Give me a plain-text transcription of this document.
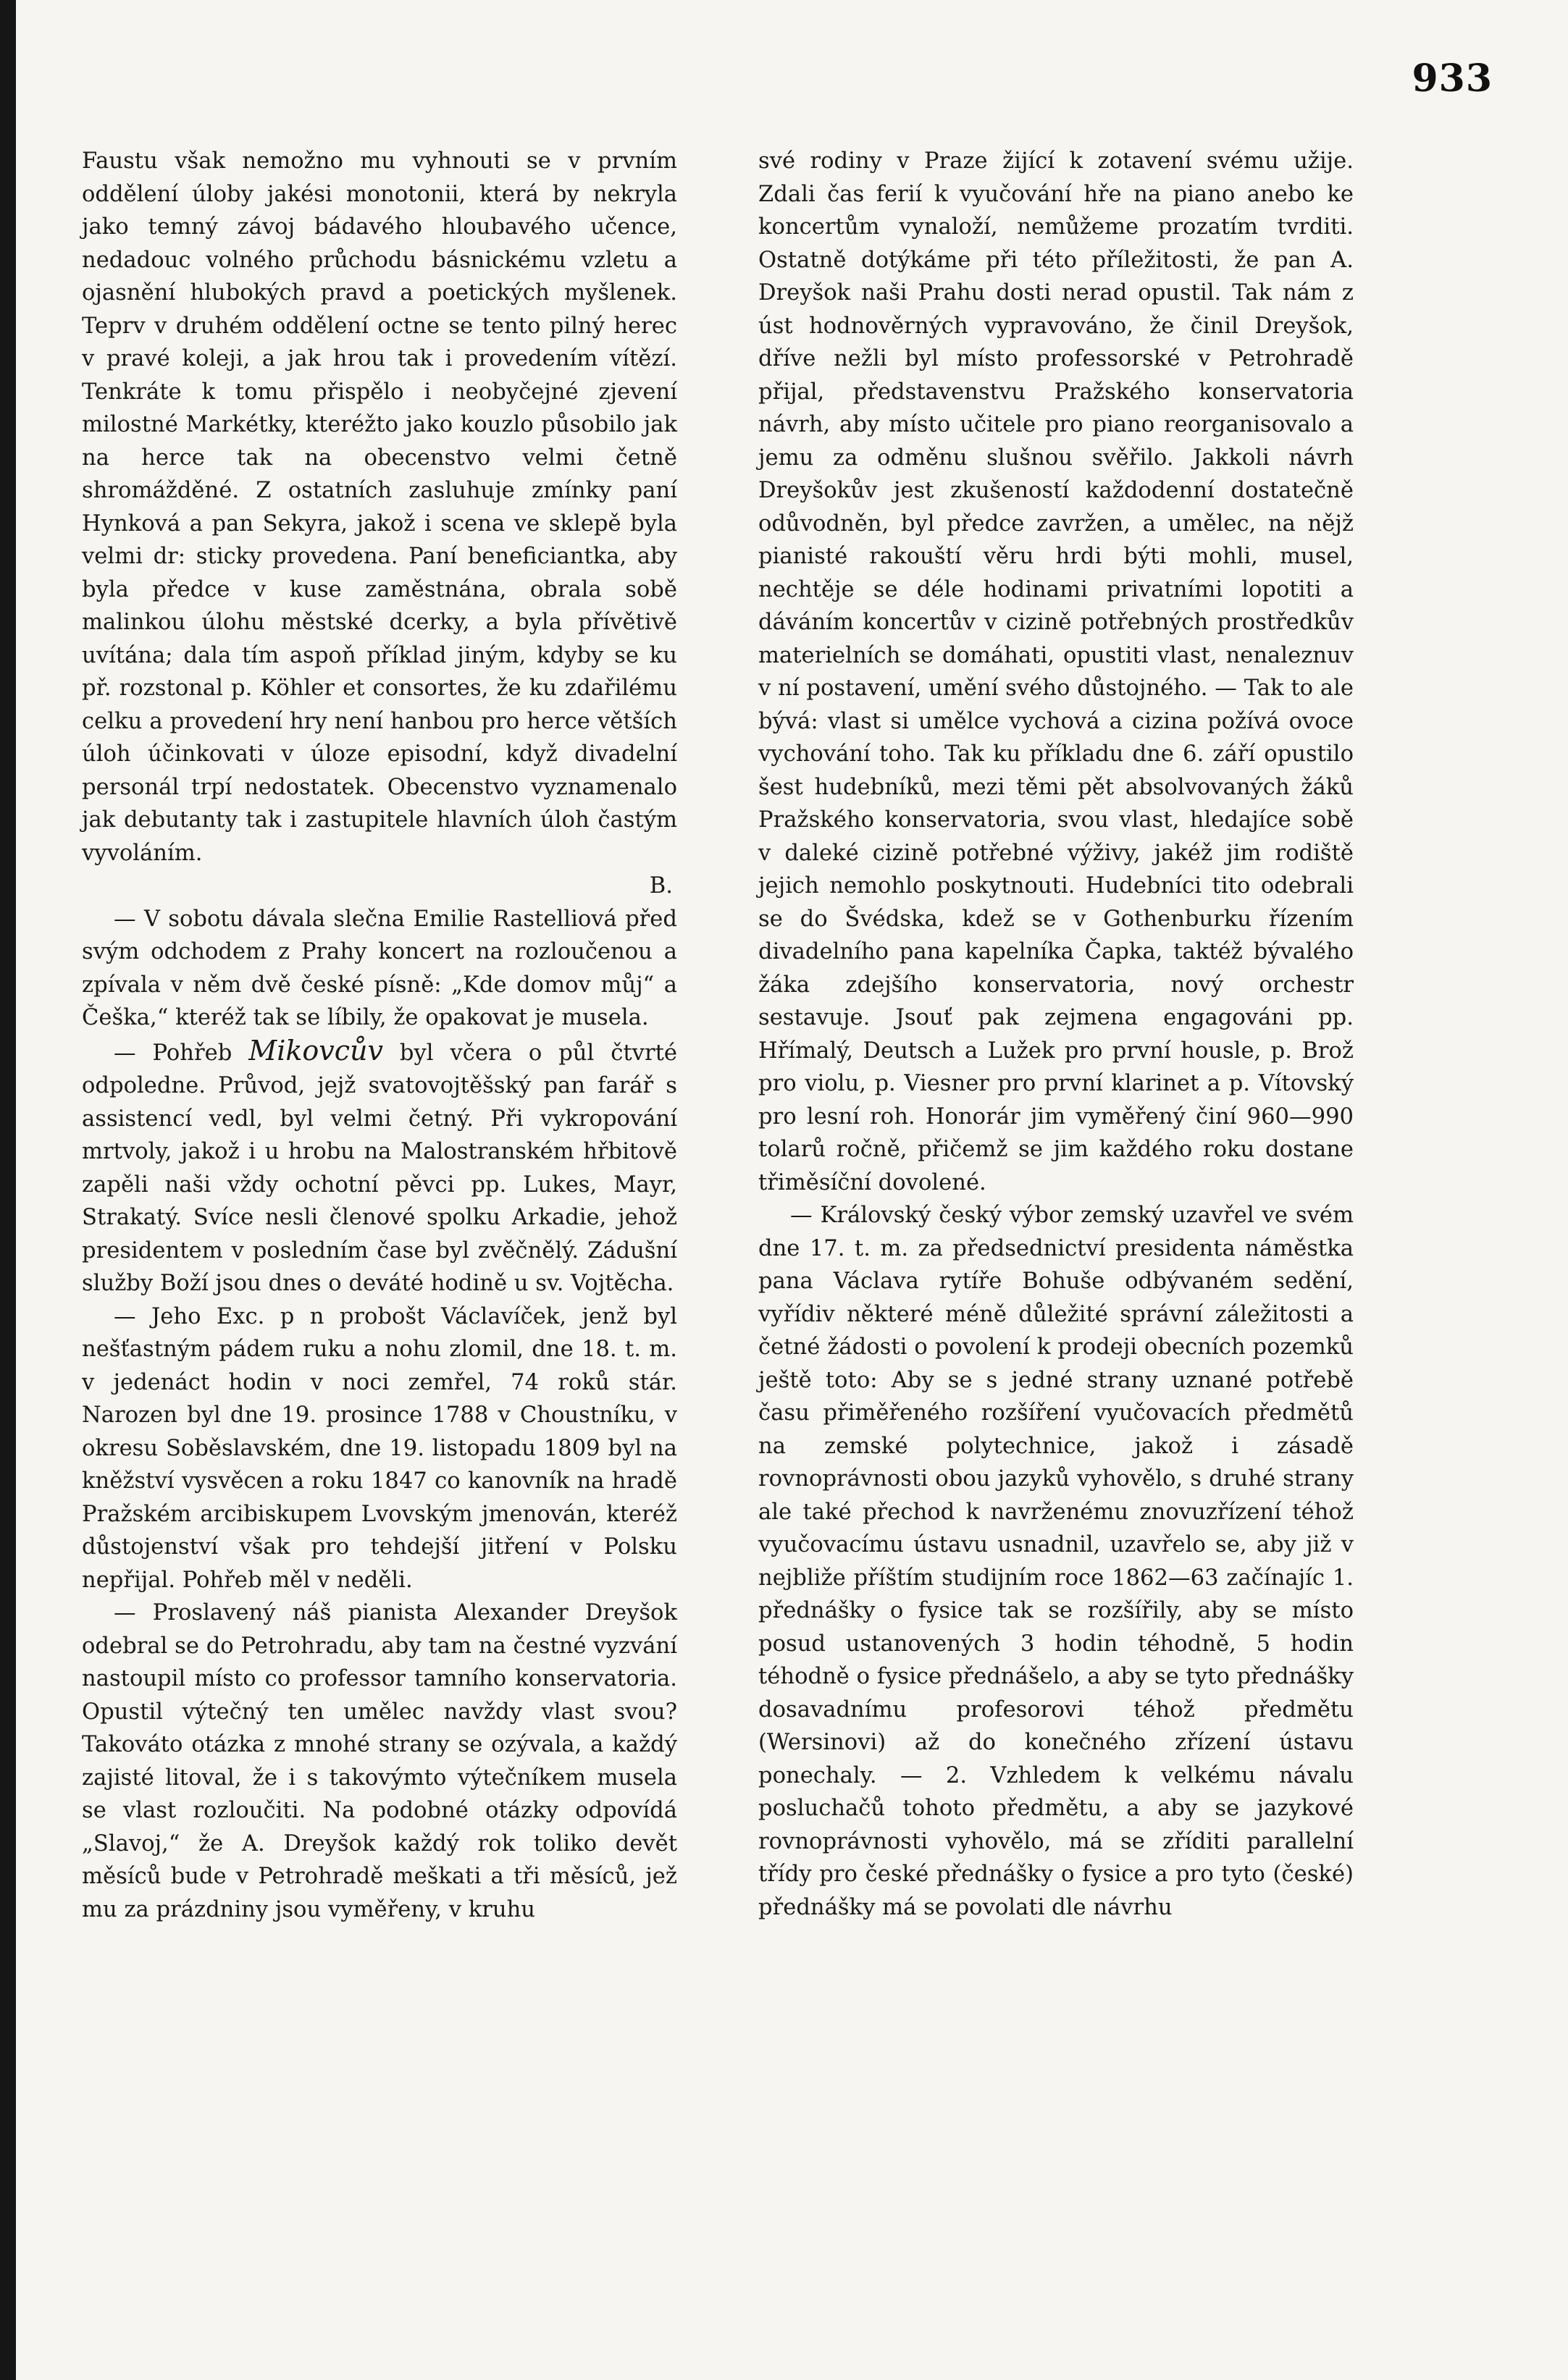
933

Faustu však nemožno mu vyhnouti se v prvním oddělení úloby jakési monotonii, která by nekryla jako temný závoj bádavého hloubavého učence, nedadouc volného průchodu básnickému vzletu a ojasnění hlubokých pravd a poetických myšlenek. Teprv v druhém oddělení octne se tento pilný herec v pravé koleji, a jak hrou tak i provedením vítězí. Tenkráte k tomu přispělo i neobyčejné zjevení milostné Markétky, kteréžto jako kouzlo působilo jak na herce tak na obecenstvo velmi četně shromážděné. Z ostatních zasluhuje zmínky paní Hynková a pan Sekyra, jakož i scena ve sklepě byla velmi dr: sticky provedena. Paní beneficiantka, aby byla předce v kuse zaměstnána, obrala sobě malinkou úlohu městské dcerky, a byla přívětivě uvítána; dala tím aspoň příklad jiným, kdyby se ku př. rozstonal p. Köhler et consortes, že ku zdařilému celku a provedení hry není hanbou pro herce větších úloh účinkovati v úloze episodní, když divadelní personál trpí nedostatek. Obecenstvo vyznamenalo jak debutanty tak i zastupitele hlavních úloh častým vyvoláním.

B.

— V sobotu dávala slečna Emilie Rastelliová před svým odchodem z Prahy koncert na rozloučenou a zpívala v něm dvě české písně: „Kde domov můj“ a Češka,“ kteréž tak se líbily, že opakovat je musela.

— Pohřeb Mikovcův byl včera o půl čtvrté odpoledne. Průvod, jejž svatovojtěšský pan farář s assistencí vedl, byl velmi četný. Při vykropování mrtvoly, jakož i u hrobu na Malostranském hřbitově zapěli naši vždy ochotní pěvci pp. Lukes, Mayr, Strakatý. Svíce nesli členové spolku Arkadie, jehož presidentem v posledním čase byl zvěčnělý. Zádušní služby Boží jsou dnes o deváté hodině u sv. Vojtěcha.

— Jeho Exc. p n probošt Václavíček, jenž byl nešťastným pádem ruku a nohu zlomil, dne 18. t. m. v jedenáct hodin v noci zemřel, 74 roků stár. Narozen byl dne 19. prosince 1788 v Choustníku, v okresu Soběslavském, dne 19. listopadu 1809 byl na kněžství vysvěcen a roku 1847 co kanovník na hradě Pražském arcibiskupem Lvovským jmenován, kteréž důstojenství však pro tehdejší jitření v Polsku nepřijal. Pohřeb měl v neděli.

— Proslavený náš pianista Alexander Dreyšok odebral se do Petrohradu, aby tam na čestné vyzvání nastoupil místo co professor tamního konservatoria. Opustil výtečný ten umělec navždy vlast svou? Takováto otázka z mnohé strany se ozývala, a každý zajisté litoval, že i s takovýmto výtečníkem musela se vlast rozloučiti. Na podobné otázky odpovídá „Slavoj,“ že A. Dreyšok každý rok toliko devět měsíců bude v Petrohradě meškati a tři měsíců, jež mu za prázdniny jsou vyměřeny, v kruhu

své rodiny v Praze žijící k zotavení svému užije. Zdali čas ferií k vyučování hře na piano anebo ke koncertům vynaloží, nemůžeme prozatím tvrditi. Ostatně dotýkáme při této příležitosti, že pan A. Dreyšok naši Prahu dosti nerad opustil. Tak nám z úst hodnověrných vypravováno, že činil Dreyšok, dříve nežli byl místo professorské v Petrohradě přijal, představenstvu Pražského konservatoria návrh, aby místo učitele pro piano reorganisovalo a jemu za odměnu slušnou svěřilo. Jakkoli návrh Dreyšokův jest zkušeností každodenní dostatečně odůvodněn, byl předce zavržen, a umělec, na nějž pianisté rakouští věru hrdi býti mohli, musel, nechtěje se déle hodinami privatními lopotiti a dáváním koncertův v cizině potřebných prostředkův materielních se domáhati, opustiti vlast, nenaleznuv v ní postavení, umění svého důstojného. — Tak to ale bývá: vlast si umělce vychová a cizina požívá ovoce vychování toho. Tak ku příkladu dne 6. září opustilo šest hudebníků, mezi těmi pět absolvovaných žáků Pražského konservatoria, svou vlast, hledajíce sobě v daleké cizině potřebné výživy, jakéž jim rodiště jejich nemohlo poskytnouti. Hudebníci tito odebrali se do Švédska, kdež se v Gothenburku řízením divadelního pana kapelníka Čapka, taktéž bývalého žáka zdejšího konservatoria, nový orchestr sestavuje. Jsouť pak zejmena engagováni pp. Hřímalý, Deutsch a Lužek pro první housle, p. Brož pro violu, p. Viesner pro první klarinet a p. Vítovský pro lesní roh. Honorár jim vyměřený činí 960—990 tolarů ročně, přičemž se jim každého roku dostane třiměsíční dovolené.

— Královský český výbor zemský uzavřel ve svém dne 17. t. m. za předsednictví presidenta náměstka pana Václava rytíře Bohuše odbývaném sedění, vyřídiv některé méně důležité správní záležitosti a četné žádosti o povolení k prodeji obecních pozemků ještě toto: Aby se s jedné strany uznané potřebě času přiměřeného rozšíření vyučovacích předmětů na zemské polytechnice, jakož i zásadě rovnoprávnosti obou jazyků vyhovělo, s druhé strany ale také přechod k navrženému znovuzřízení téhož vyučovacímu ústavu usnadnil, uzavřelo se, aby již v nejbliže příštím studijním roce 1862—63 začínajíc 1. přednášky o fysice tak se rozšířily, aby se místo posud ustanovených 3 hodin téhodně, 5 hodin téhodně o fysice přednášelo, a aby se tyto přednášky dosavadnímu profesorovi téhož předmětu (Wersinovi) až do konečného zřízení ústavu ponechaly. — 2. Vzhledem k velkému návalu posluchačů tohoto předmětu, a aby se jazykové rovnoprávnosti vyhovělo, má se zříditi parallelní třídy pro české přednášky o fysice a pro tyto (české) přednášky má se povolati dle návrhu
